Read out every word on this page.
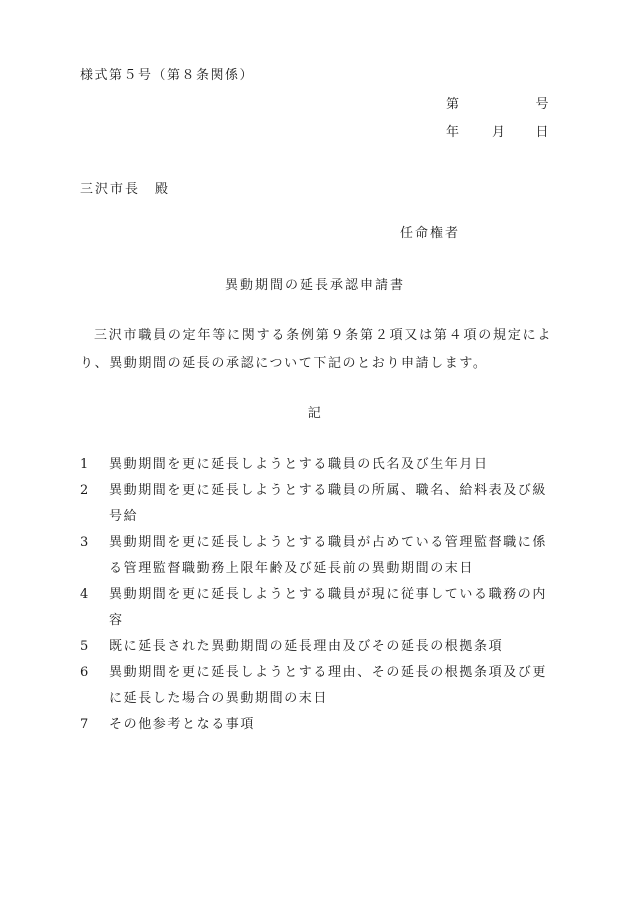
様式第５号（第８条関係）
第	号
年 月 日
三沢市長　殿
任命権者
異動期間の延長承認申請書
三沢市職員の定年等に関する条例第９条第２項又は第４項の規定により、異動期間の延長の承認について下記のとおり申請します。
記
1 異動期間を更に延長しようとする職員の氏名及び生年月日
2 異動期間を更に延長しようとする職員の所属、職名、給料表及び級号給
3 異動期間を更に延長しようとする職員が占めている管理監督職に係る管理監督職勤務上限年齢及び延長前の異動期間の末日
4 異動期間を更に延長しようとする職員が現に従事している職務の内容
5 既に延長された異動期間の延長理由及びその延長の根拠条項
6 異動期間を更に延長しようとする理由、その延長の根拠条項及び更に延長した場合の異動期間の末日
7 その他参考となる事項
